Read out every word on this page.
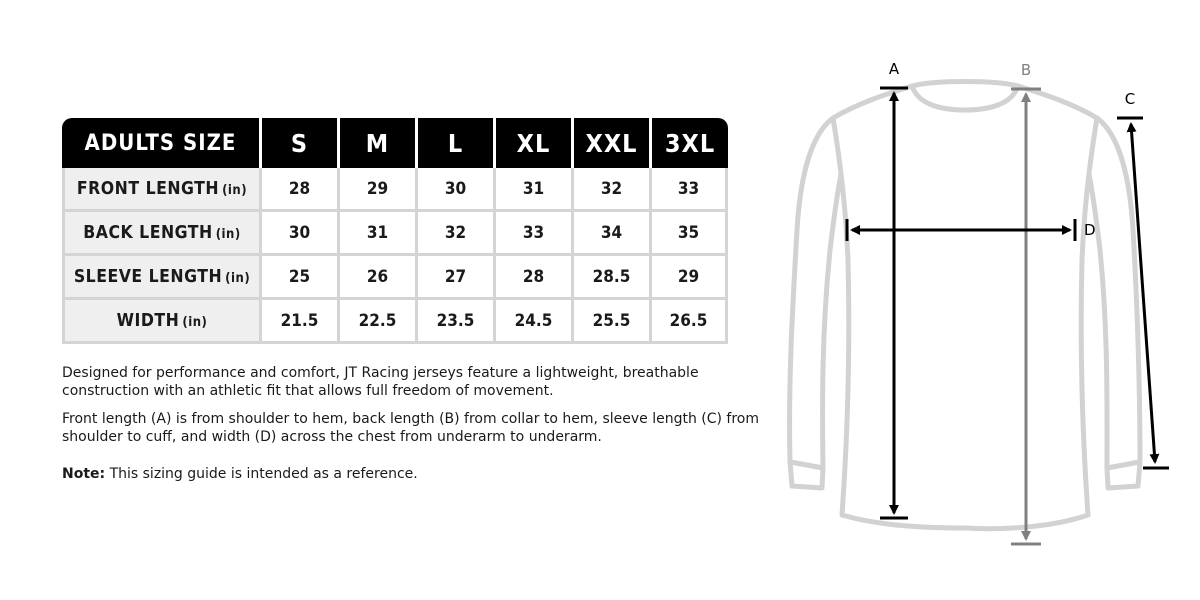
ADULTS SIZE	S	M	L	XL	XXL	3XL
FRONT LENGTH (in)	28	29	30	31	32	33
BACK LENGTH (in)	30	31	32	33	34	35
SLEEVE LENGTH (in)	25	26	27	28	28.5	29
WIDTH (in)	21.5	22.5	23.5	24.5	25.5	26.5

Designed for performance and comfort, JT Racing jerseys feature a lightweight, breathable construction with an athletic fit that allows full freedom of movement.

Front length (A) is from shoulder to hem, back length (B) from collar to hem, sleeve length (C) from shoulder to cuff, and width (D) across the chest from underarm to underarm.

Note: This sizing guide is intended as a reference.

B
A
D
C
